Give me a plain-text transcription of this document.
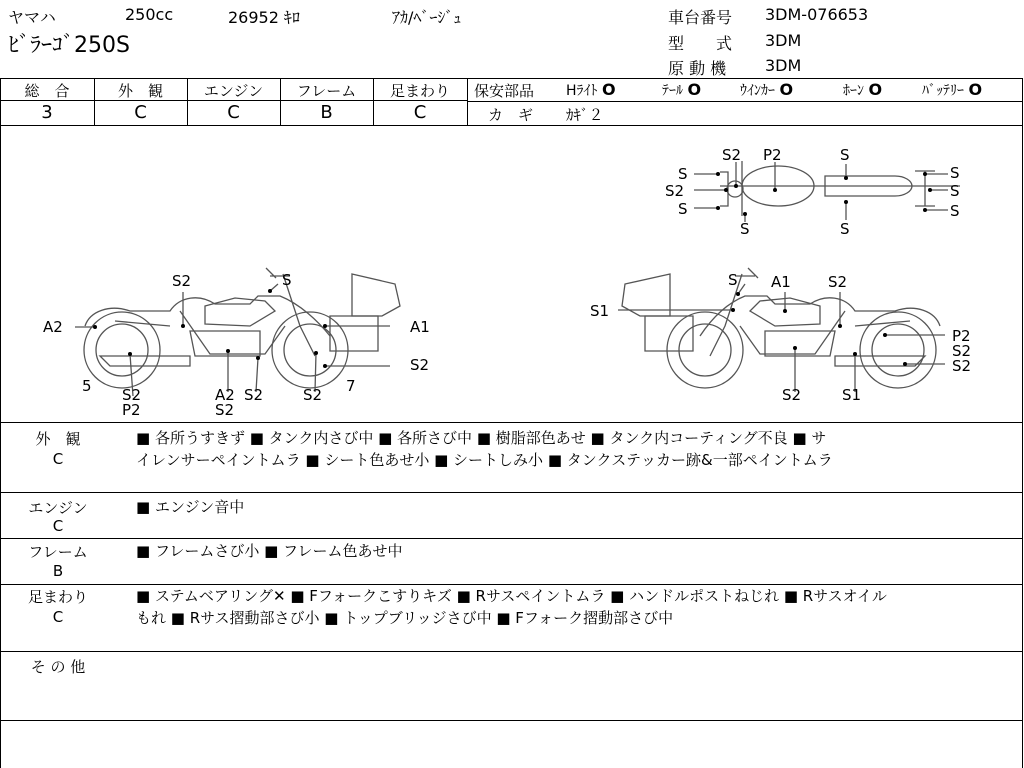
ヤマハ	250cc	26952 ｷﾛ	ｱｶ/ﾍﾞｰｼﾞｭ
ﾋﾞﾗｰｺﾞ250S
車台番号 3DM-076653
型　　式 3DM
原 動 機 3DM
総　合	外　観	エンジン	フレーム	足まわり
3	C	C	B	C
保安部品 Hﾗｲﾄ O	ﾃｰﾙ O	ｳｲﾝｶｰ O	ﾎｰﾝ O	ﾊﾞｯﾃﾘｰ O
カ　ギ ｶｷﾞ２
S2	S
A2	A1
S2
5 S2
P2
A2
S2
S2	S2 7
S A1 S2
S1
P2
S2
S2
S2	S1
S2 P2	S
S	S
S
S2
S	S
S	S
外　観
C
■ 各所うすきず ■ タンク内さび中 ■ 各所さび中 ■ 樹脂部色あせ ■ タンク内コーティング不良 ■ サ
イレンサーペイントムラ ■ シート色あせ小 ■ シートしみ小 ■ タンクステッカー跡&一部ペイントムラ
エンジン
C
■ エンジン音中
フレーム
B
■ フレームさび小 ■ フレーム色あせ中
足まわり
C
■ ステムベアリング✕ ■ Fフォークこすりキズ ■ Rサスペイントムラ ■ ハンドルポストねじれ ■ Rサスオイル
もれ ■ Rサス摺動部さび小 ■ トップブリッジさび中 ■ Fフォーク摺動部さび中
そ の 他
